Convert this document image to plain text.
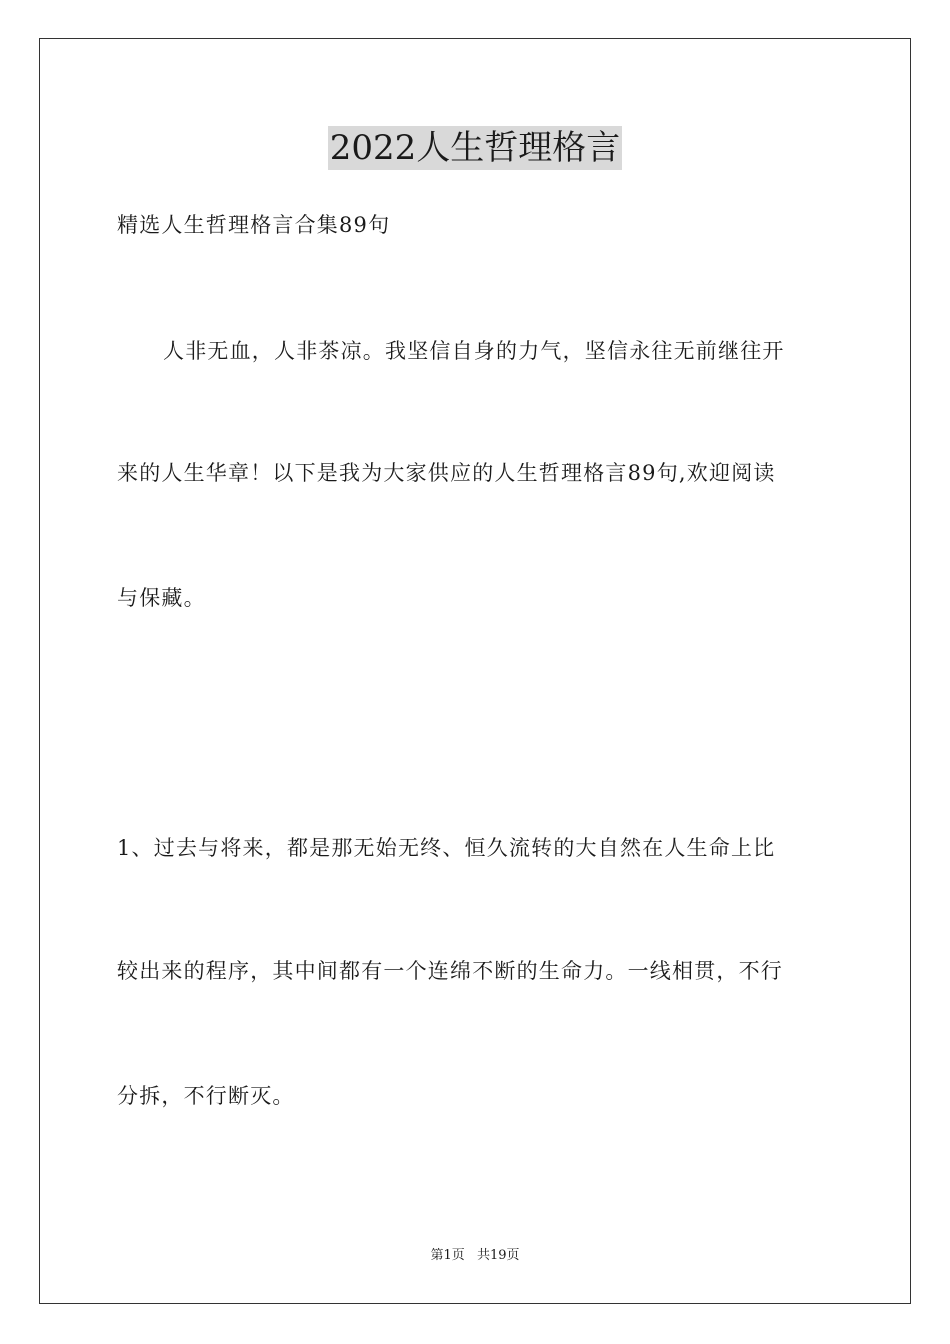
2022人生哲理格言
精选人生哲理格言合集89句
人非无血，人非茶凉。我坚信自身的力气，坚信永往无前继往开
来的人生华章！以下是我为大家供应的人生哲理格言89句,欢迎阅读
与保藏。
1、过去与将来，都是那无始无终、恒久流转的大自然在人生命上比
较出来的程序，其中间都有一个连绵不断的生命力。一线相贯，不行
分拆，不行断灭。
第1页 共19页
